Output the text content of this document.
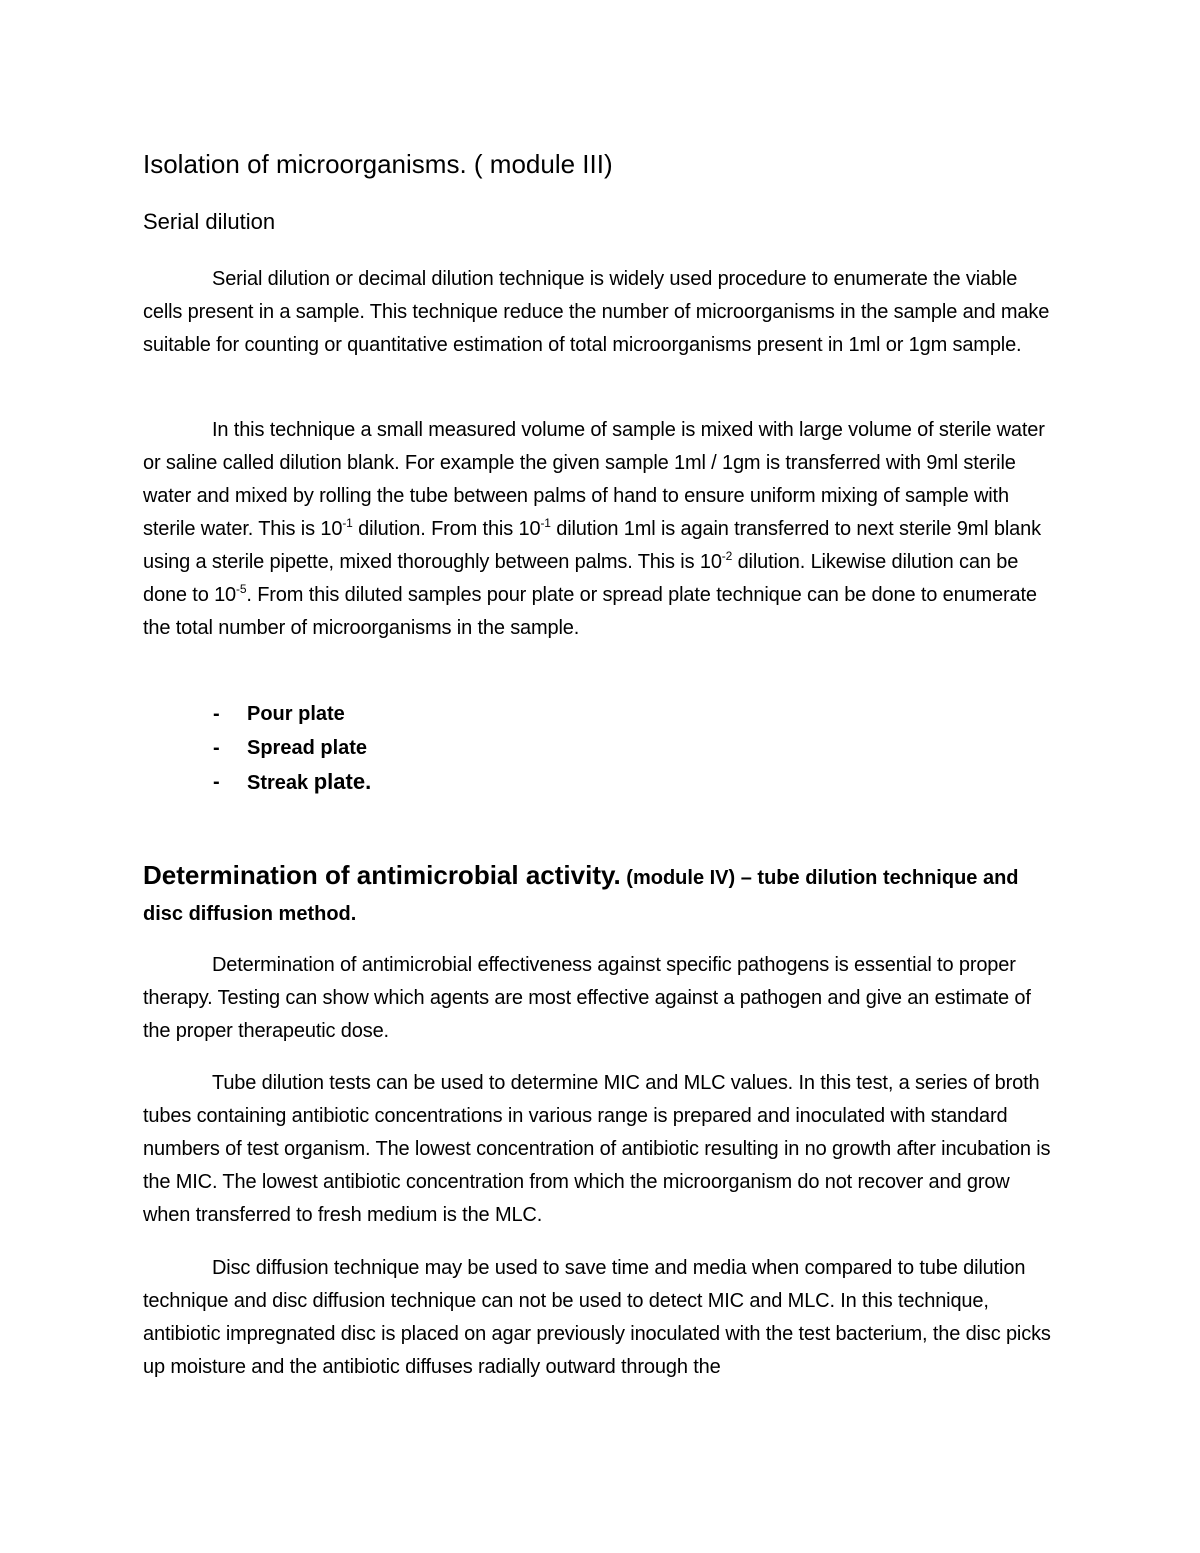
Isolation of microorganisms. ( module III)
Serial dilution

Serial dilution or decimal dilution technique is widely used procedure to enumerate the viable cells present in a sample. This technique reduce the number of microorganisms in the sample and make suitable for counting or quantitative estimation of total microorganisms present in 1ml or 1gm sample.

In this technique a small measured volume of sample is mixed with large volume of sterile water or saline called dilution blank. For example the given sample 1ml / 1gm is transferred with 9ml sterile water and mixed by rolling the tube between palms of hand to ensure uniform mixing of sample with sterile water. This is $10^{-1}$ dilution. From this $10^{-1}$ dilution 1ml is again transferred to next sterile 9ml blank using a sterile pipette, mixed thoroughly between palms. This is $10^{-2}$ dilution. Likewise dilution can be done to $10^{-5}$. From this diluted samples pour plate or spread plate technique can be done to enumerate the total number of microorganisms in the sample.

-	Pour plate
-	Spread plate
-	Streak plate.
Determination of antimicrobial activity. (module IV) – tube dilution technique and disc diffusion method.

Determination of antimicrobial effectiveness against specific pathogens is essential to proper therapy. Testing can show which agents are most effective against a pathogen and give an estimate of the proper therapeutic dose.

Tube dilution tests can be used to determine MIC and MLC values. In this test, a series of broth tubes containing antibiotic concentrations in various range is prepared and inoculated with standard numbers of test organism. The lowest concentration of antibiotic resulting in no growth after incubation is the MIC. The lowest antibiotic concentration from which the microorganism do not recover and grow when transferred to fresh medium is the MLC.

Disc diffusion technique may be used to save time and media when compared to tube dilution technique and disc diffusion technique can not be used to detect MIC and MLC. In this technique, antibiotic impregnated disc is placed on agar previously inoculated with the test bacterium, the disc picks up moisture and the antibiotic diffuses radially outward through the
